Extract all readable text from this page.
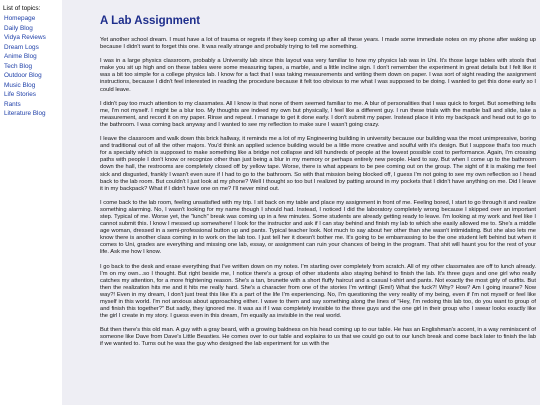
List of topics:
Homepage
Daily Blog
Vidya Reviews
Dream Logs
Anime Blog
Tech Blog
Outdoor Blog
Music Blog
Life Stories
Rants
Literature Blog
A Lab Assignment

Yet another school dream. I must have a lot of trauma or regrets if they keep coming up after all these years. I made some immediate notes on my phone after waking up because I didn't want to forget this one. It was really strange and probably trying to tell me something.

I was in a large physics classroom, probably a University lab since this layout was very familiar to how my physics lab was in Uni. It's those large tables with stools that make you sit up high and on these tables were some measuring tapes, a marble, and a little incline sign. I don't remember the experiment in great details but I felt like it was a bit too simple for a college physics lab. I know for a fact that I was taking measurements and writing them down on paper. I was sort of sight reading the assignment instructions, because I didn't feel interested in reading the procedure because it felt too obvious to me what I was supposed to be doing. I wanted to get this done early so I could leave.

I didn't pay too much attention to my classmates. All I know is that none of them seemed familiar to me. A blur of personalities that I was quick to forget. But something tells me, I'm not myself. I might be a blur too. My thoughts are indeed my own but physically, I feel like a different guy. I run these trials with the marble ball and slide, take a measurement, and record it on my paper. Rinse and repeat. I manage to get it done early. I don't submit my paper. Instead place it into my backpack and head out to go to the bathroom. I was coming back anyway and I wanted to see my reflection to make sure I wasn't going crazy.

I leave the classroom and walk down this brick hallway, it reminds me a lot of my Engineering building in university because our building was the most unimpressive, boring and traditional out of all the other majors. You'd think an applied science building would be a little more creative and soulful with it's design. But I suppose that's too much for a specialty which is supposed to make something like a bridge not collapse and kill hundreds of people at the lowest possible cost to performance. Again, I'm crossing paths with people I don't know or recognize other than just being a blur in my memory or perhaps entirely new people. Hard to say. But when I come up to the bathroom down the hall, the restrooms are completely closed off by yellow tape. Worse, there is what appears to be pee coming out on the group. The sight of it is making me feel sick and disgusted, frankly I wasn't even sure if I had to go to the bathroom. So with that mission being blocked off, I guess I'm not going to see my own reflection so I head back to the lab room. But couldn't I just look at my phone? Well I thought so too but I realized by patting around in my pockets that I didn't have anything on me. Did I leave it in my backpack? What if I didn't have one on me? I'll never mind out.

I come back to the lab room, feeling unsatisfied with my trip. I sit back on my table and place my assignment in front of me. Feeling bored, I start to go through it and realize something alarming. No, I wasn't looking for my name though I should had. Instead, I noticed I did the laboratory completely wrong because I skipped over an important step. Typical of me. Worse yet, the "lunch" break was coming up in a few minutes. Some students are already getting ready to leave. I'm looking at my work and feel like I cannot submit this. I know I messed up somewhere! I look for the instructor and ask if I can stay behind and finish my lab to which she easily allowed me to. She's a middle age woman, dressed in a semi-professional button up and pants. Typical teacher look. Not much to say about her other than she wasn't intimidating. But she also lets me know there is another class coming in to work on the lab too. I just tell her it doesn't bother me. It's going to be embarrassing to be the one student left behind but when it comes to Uni, grades are everything and missing one lab, essay, or assignment can ruin your chances of being in the program. That shit will haunt you for the rest of your life. Ask me how I know.

I go back to the desk and erase everything that I've written down on my notes. I'm starting over completely from scratch. All of my other classmates are off to lunch already. I'm on my own...so I thought. But right beside me, I notice there's a group of other students also staying behind to finish the lab. It's three guys and one girl who really catches my attention, for a more frightening reason. She's a tan, brunette with a short fluffy haircut and a casual t-shirt and pants. Not exactly the most girly of outfits. But then the realization hits me and it hits me really hard. She's a character from one of the stories I'm writing! (Emi!) What the fuck?! Why? How? Am I going insane? Now way?! Even in my dream, I don't just treat this like it's a part of the life I'm experiencing. No, I'm questioning the very reality of my being, even if I'm not myself or feel like myself in this world. I'm not anxious about approaching either. I wave to them and say something along the lines of "Hey, I'm redoing this lab too, do you want to group of and finish this together?" But sadly, they ignored me. It was as if I was completely invisible to the three guys and the one girl in their group who I swear looks exactly like the girl I create in my story. I guess even in this dream, I'm equally as invisible in the real world.

But then there's this old man. A guy with a gray beard, with a growing baldness on his head coming up to our table. He has an Englishman's accent, in a way reminiscent of someone like Dave from Dave's Little Beasties. He comes over to our table and explains to us that we could go out to our lunch break and come back later to finish the lab if we wanted to. Turns out he was the guy who designed the lab experiment for us with the
